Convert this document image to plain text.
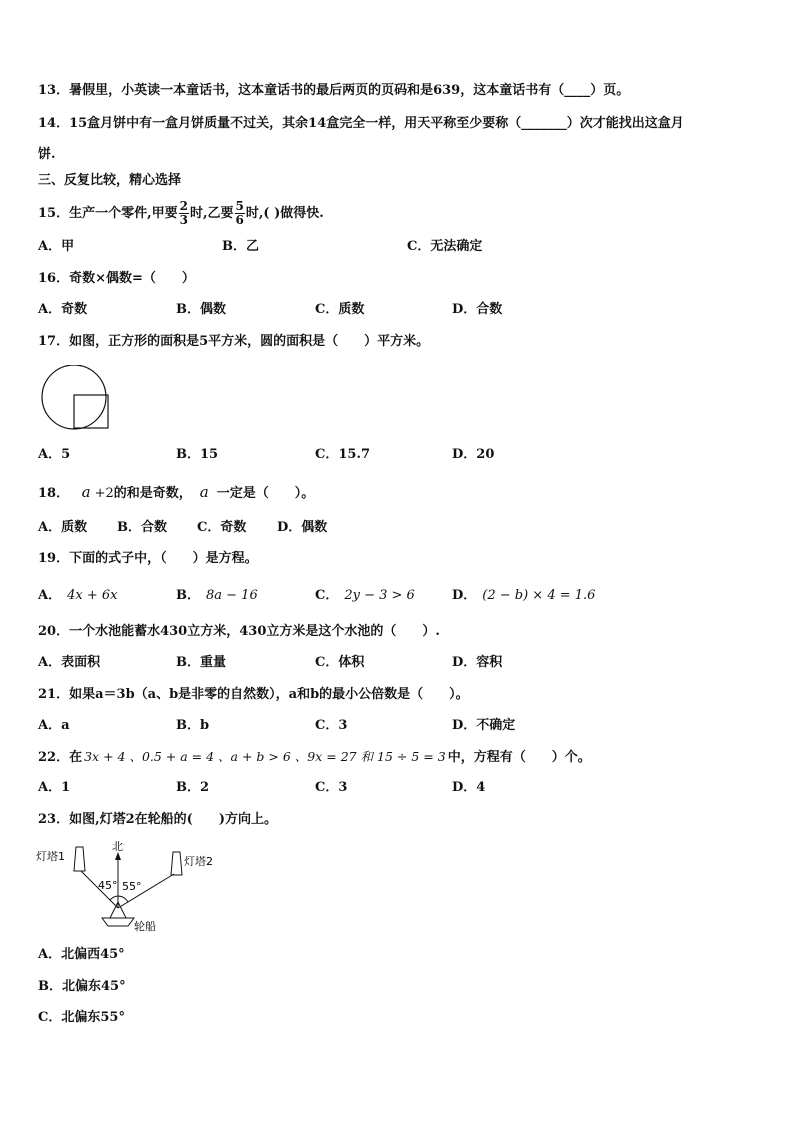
13．暑假里，小英读一本童话书，这本童话书的最后两页的页码和是639，这本童话书有（____）页。
14．15盒月饼中有一盒月饼质量不过关，其余14盒完全一样，用天平称至少要称（_______）次才能找出这盒月
饼.
三、反复比较，精心选择
15．生产一个零件,甲要 $\frac{2}{3}$ 时,乙要 $\frac{5}{6}$ 时,( )做得快.
A．甲	B．乙	C．无法确定
16．奇数×偶数=（　　）
A．奇数	B．偶数	C．质数	D．合数
17．如图，正方形的面积是5平方米，圆的面积是（　　）平方米。
A．5	B．15	C．15.7	D．20
18． a +2的和是奇数， a 一定是（　　）。
A．质数 B．合数 C．奇数 D．偶数
19．下面的式子中，（　　）是方程。
A． 4x + 6x	B． 8a − 16	C． 2y − 3 > 6	D． (2 − b) × 4 = 1.6
20．一个水池能蓄水430立方米，430立方米是这个水池的（　　）.
A．表面积	B．重量	C．体积	D．容积
21．如果a＝3b（a、b是非零的自然数），a和b的最小公倍数是（　　）。
A．a	B．b	C．3	D．不确定
22．在 3x + 4 、0.5 + a = 4 、a + b > 6 、9x = 27 和 15 ÷ 5 = 3 中，方程有（　　）个。
A．1	B．2	C．3	D．4
23．如图,灯塔2在轮船的(　　)方向上。
北
灯塔1	灯塔2
45° 55°
轮船
A．北偏西45°
B．北偏东45°
C．北偏东55°
